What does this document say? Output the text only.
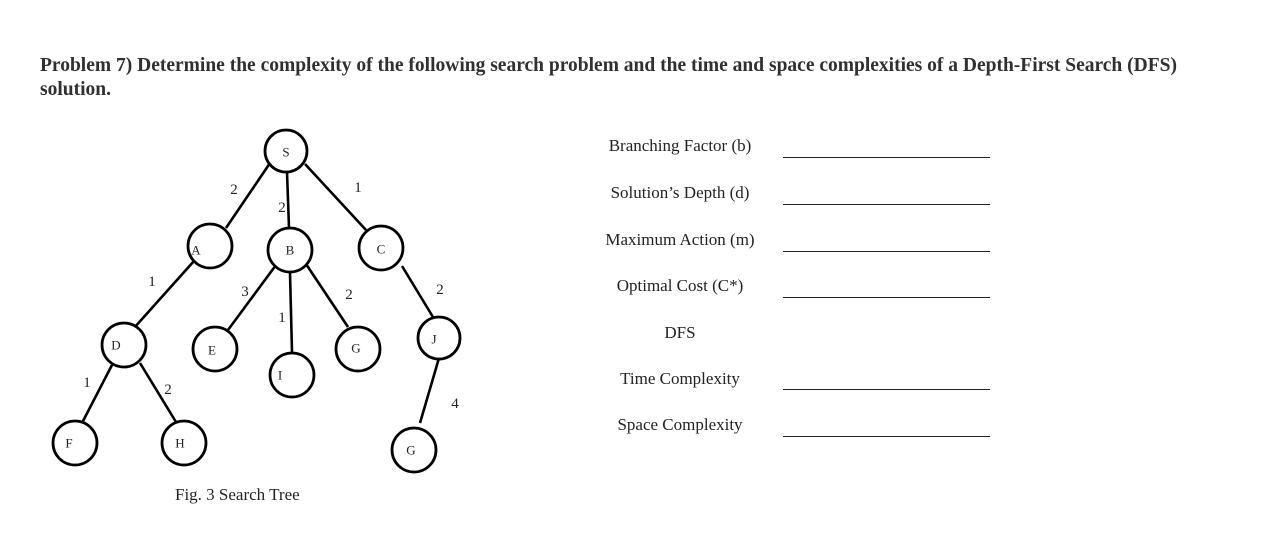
Problem 7) Determine the complexity of the following search problem and the time and space complexities of a Depth-First Search (DFS) solution.
2
2
1
1
3
1
2	2
1	2
4
S
A	B	C
D	E
I
G
J
F	H	G
Fig. 3 Search Tree
Branching Factor (b)
Solution’s Depth (d)
Maximum Action (m)
Optimal Cost (C*)
DFS
Time Complexity
Space Complexity
